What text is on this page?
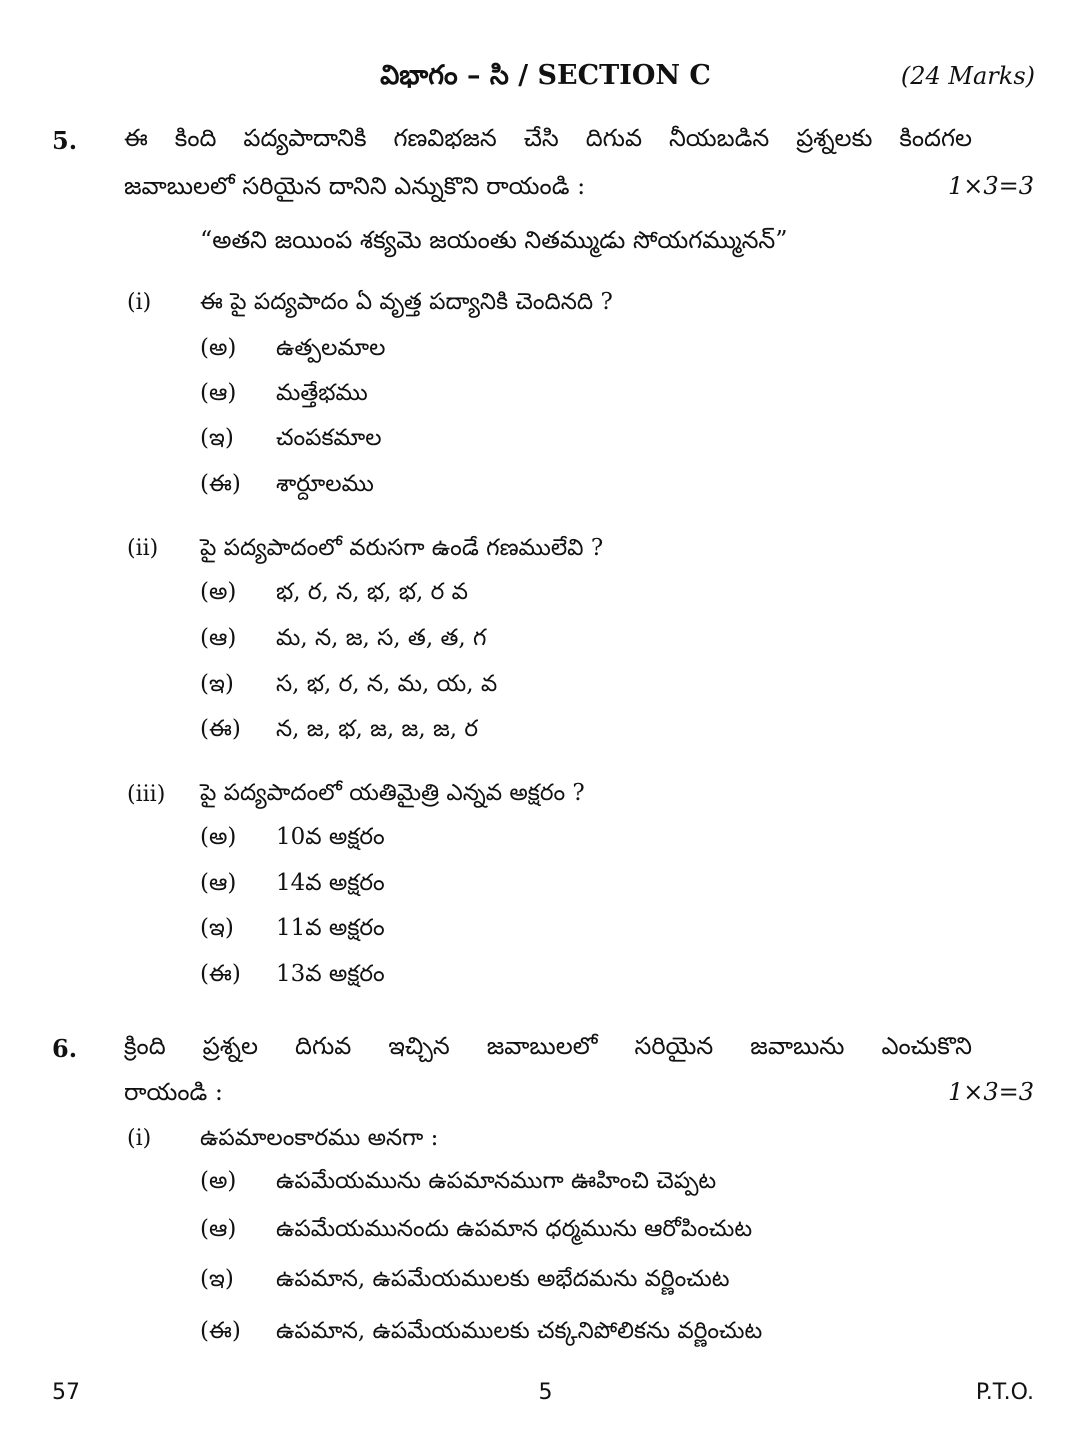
విభాగం – సి / SECTION C	(24 Marks)
5. ఈ కింది పద్యపాదానికి గణవిభజన చేసి దిగువ నీయబడిన ప్రశ్నలకు కిందగల
జవాబులలో సరియైన దానిని ఎన్నుకొని రాయండి :	1×3=3
“అతని జయింప శక్యమె జయంతు నితమ్ముడు సోయగమ్మునన్”
(i) ఈ పై పద్యపాదం ఏ వృత్త పద్యానికి చెందినది ?
(అ) ఉత్పలమాల
(ఆ) మత్తేభము
(ఇ) చంపకమాల
(ఈ) శార్దూలము
(ii) పై పద్యపాదంలో వరుసగా ఉండే గణములేవి ?
(అ) భ, ర, న, భ, భ, ర వ
(ఆ) మ, న, జ, స, త, త, గ
(ఇ) స, భ, ర, న, మ, య, వ
(ఈ) న, జ, భ, జ, జ, జ, ర
(iii) పై పద్యపాదంలో యతిమైత్రి ఎన్నవ అక్షరం ?
(అ) 10వ అక్షరం
(ఆ) 14వ అక్షరం
(ఇ) 11వ అక్షరం
(ఈ) 13వ అక్షరం
6. క్రింది ప్రశ్నల దిగువ ఇచ్చిన జవాబులలో సరియైన జవాబును ఎంచుకొని
రాయండి :	1×3=3
(i) ఉపమాలంకారము అనగా :
(అ) ఉపమేయమును ఉపమానముగా ఊహించి చెప్పట
(ఆ) ఉపమేయమునందు ఉపమాన ధర్మమును ఆరోపించుట
(ఇ) ఉపమాన, ఉపమేయములకు అభేదమను వర్ణించుట
(ఈ) ఉపమాన, ఉపమేయములకు చక్కనిపోలికను వర్ణించుట
57	5	P.T.O.
